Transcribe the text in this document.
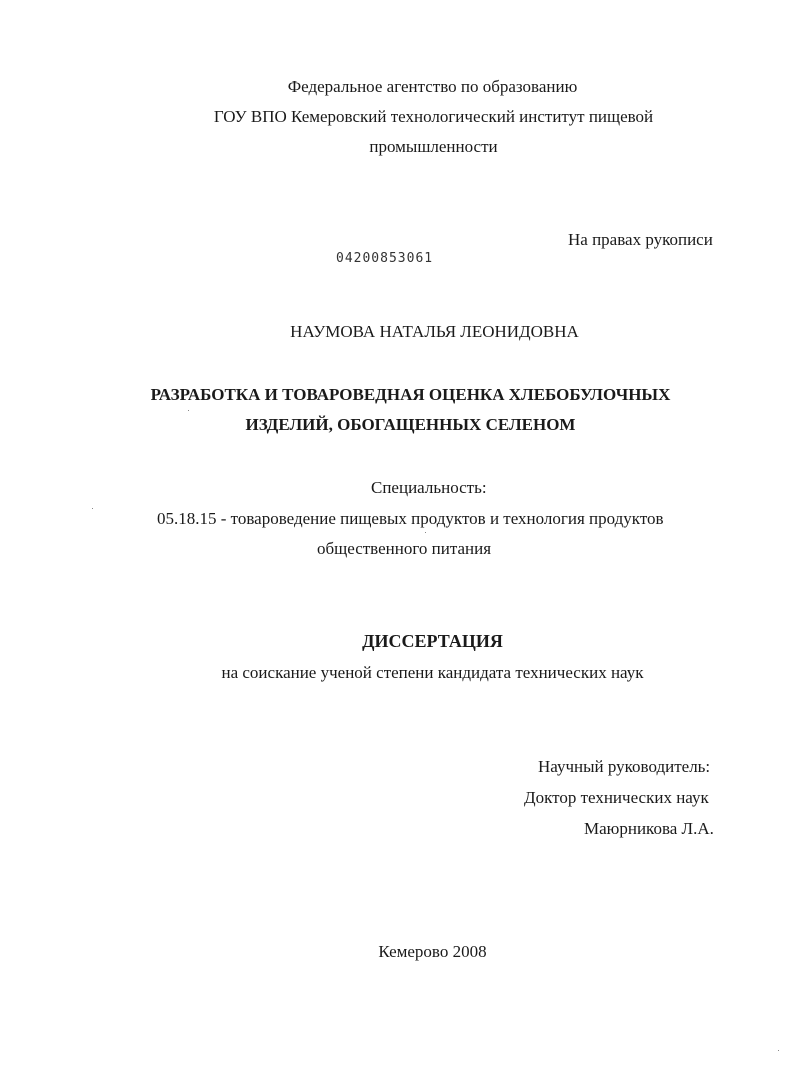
Федеральное агентство по образованию
ГОУ ВПО Кемеровский технологический институт пищевой
промышленности
На правах рукописи
04200853061
НАУМОВА НАТАЛЬЯ ЛЕОНИДОВНА
РАЗРАБОТКА И ТОВАРОВЕДНАЯ ОЦЕНКА ХЛЕБОБУЛОЧНЫХ
ИЗДЕЛИЙ, ОБОГАЩЕННЫХ СЕЛЕНОМ
Специальность:
05.18.15 - товароведение пищевых продуктов и технология продуктов
общественного питания
ДИССЕРТАЦИЯ
на соискание ученой степени кандидата технических наук
Научный руководитель:
Доктор технических наук
Маюрникова Л.А.
Кемерово 2008
